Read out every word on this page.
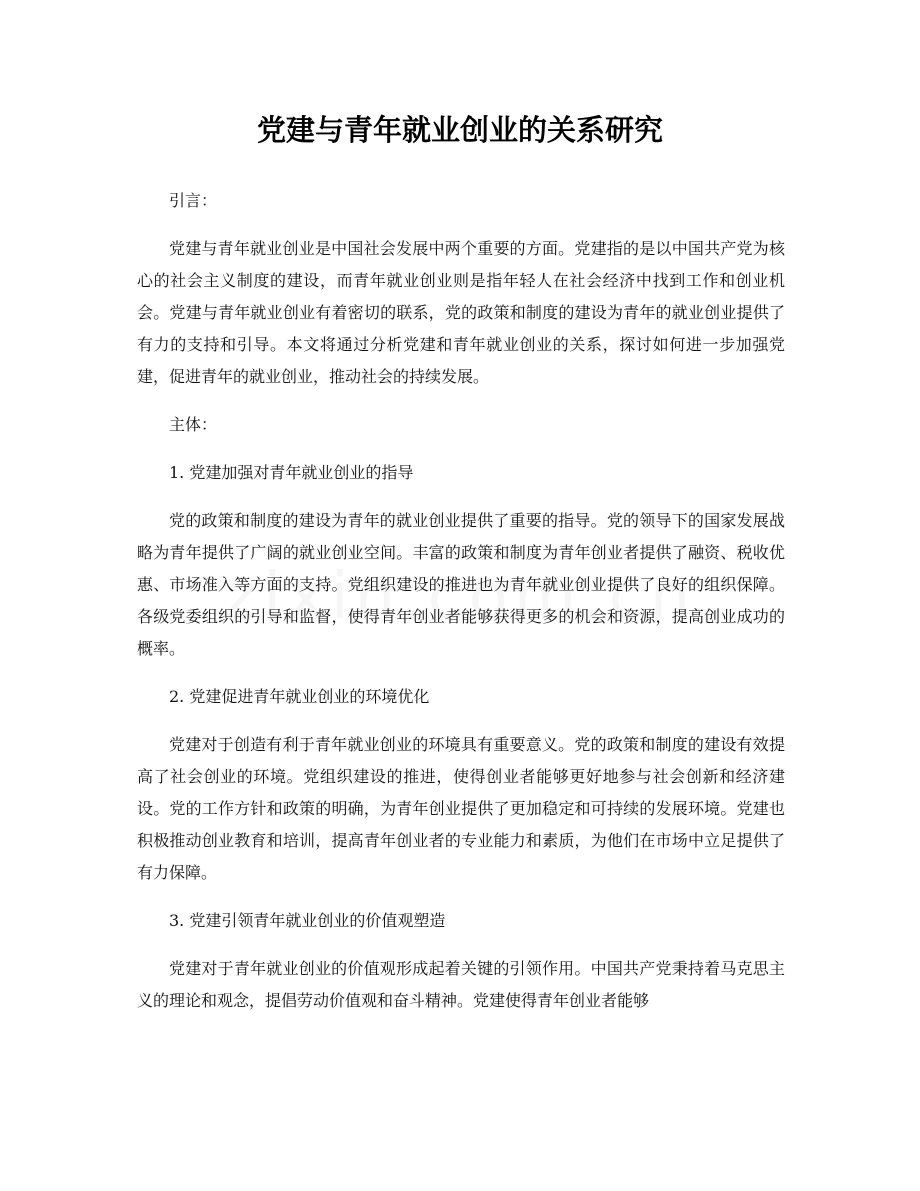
党建与青年就业创业的关系研究

引言：

党建与青年就业创业是中国社会发展中两个重要的方面。党建指的是以中国共产党为核心的社会主义制度的建设，而青年就业创业则是指年轻人在社会经济中找到工作和创业机会。党建与青年就业创业有着密切的联系，党的政策和制度的建设为青年的就业创业提供了有力的支持和引导。本文将通过分析党建和青年就业创业的关系，探讨如何进一步加强党建，促进青年的就业创业，推动社会的持续发展。

主体：

1. 党建加强对青年就业创业的指导

党的政策和制度的建设为青年的就业创业提供了重要的指导。党的领导下的国家发展战略为青年提供了广阔的就业创业空间。丰富的政策和制度为青年创业者提供了融资、税收优惠、市场准入等方面的支持。党组织建设的推进也为青年就业创业提供了良好的组织保障。各级党委组织的引导和监督，使得青年创业者能够获得更多的机会和资源，提高创业成功的概率。

2. 党建促进青年就业创业的环境优化

党建对于创造有利于青年就业创业的环境具有重要意义。党的政策和制度的建设有效提高了社会创业的环境。党组织建设的推进，使得创业者能够更好地参与社会创新和经济建设。党的工作方针和政策的明确，为青年创业提供了更加稳定和可持续的发展环境。党建也积极推动创业教育和培训，提高青年创业者的专业能力和素质，为他们在市场中立足提供了有力保障。

3. 党建引领青年就业创业的价值观塑造

党建对于青年就业创业的价值观形成起着关键的引领作用。中国共产党秉持着马克思主义的理论和观念，提倡劳动价值观和奋斗精神。党建使得青年创业者能够
